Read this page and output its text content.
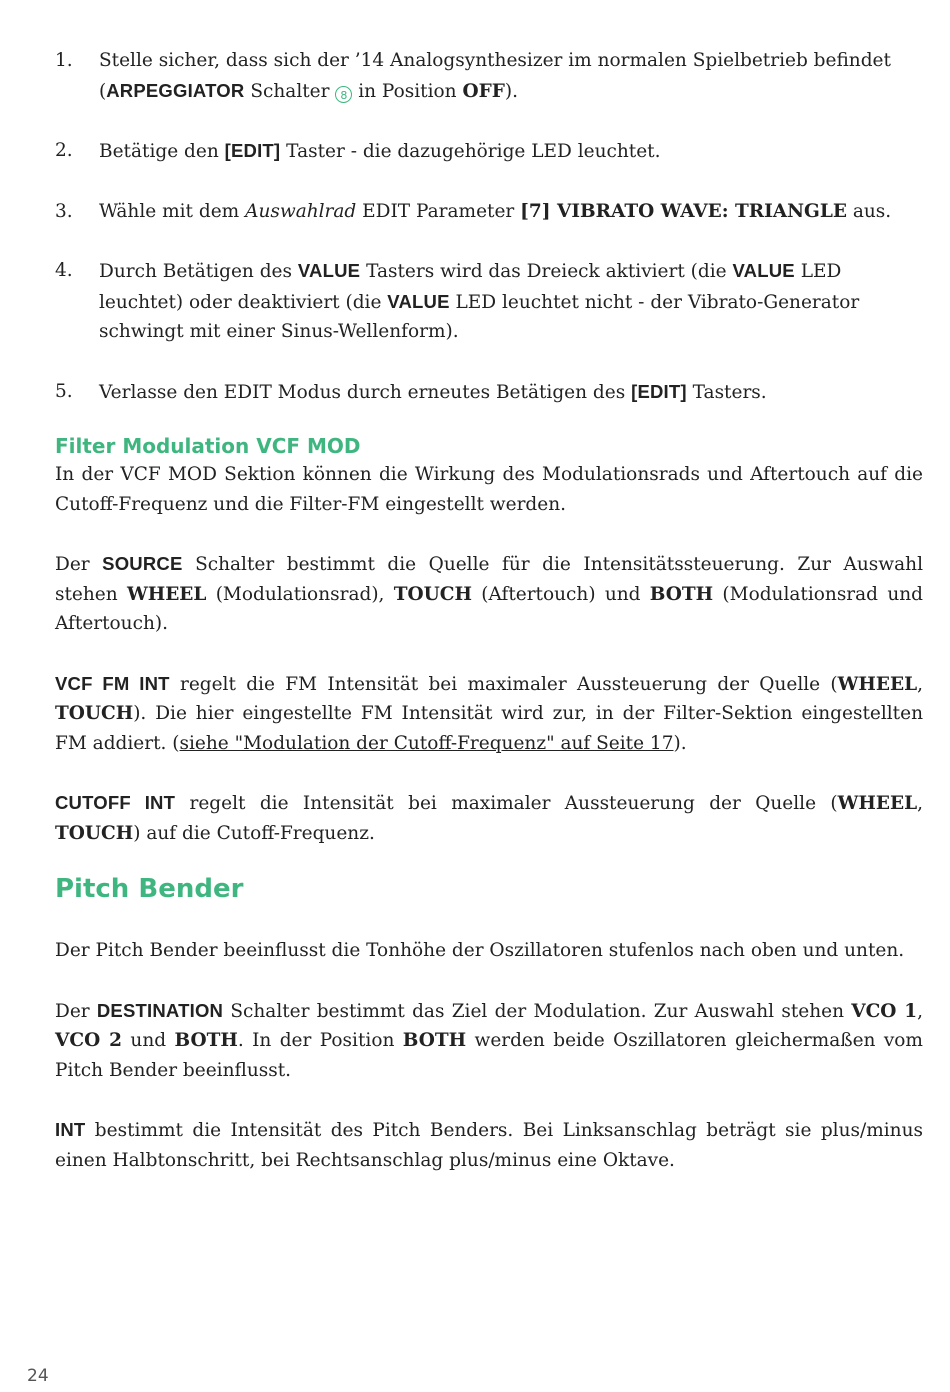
1. Stelle sicher, dass sich der ’14 Analogsynthesizer im normalen Spielbetrieb befindet (ARPEGGIATOR Schalter 8 in Position OFF).
2. Betätige den [EDIT] Taster - die dazugehörige LED leuchtet.
3. Wähle mit dem Auswahlrad EDIT Parameter [7] VIBRATO WAVE: TRIANGLE aus.
4. Durch Betätigen des VALUE Tasters wird das Dreieck aktiviert (die VALUE LED leuchtet) oder deaktiviert (die VALUE LED leuchtet nicht - der Vibrato-Generator schwingt mit einer Sinus-Wellenform).
5. Verlasse den EDIT Modus durch erneutes Betätigen des [EDIT] Tasters.
Filter Modulation VCF MOD

In der VCF MOD Sektion können die Wirkung des Modulationsrads und Aftertouch auf die Cutoff-Frequenz und die Filter-FM eingestellt werden.

Der SOURCE Schalter bestimmt die Quelle für die Intensitätssteuerung. Zur Auswahl stehen WHEEL (Modulationsrad), TOUCH (Aftertouch) und BOTH (Modulationsrad und Aftertouch).

VCF FM INT regelt die FM Intensität bei maximaler Aussteuerung der Quelle (WHEEL, TOUCH). Die hier eingestellte FM Intensität wird zur, in der Filter-Sektion eingestellten FM addiert. (siehe "Modulation der Cutoff-Frequenz" auf Seite 17).

CUTOFF INT regelt die Intensität bei maximaler Aussteuerung der Quelle (WHEEL, TOUCH) auf die Cutoff-Frequenz.

Pitch Bender

Der Pitch Bender beeinflusst die Tonhöhe der Oszillatoren stufenlos nach oben und unten.

Der DESTINATION Schalter bestimmt das Ziel der Modulation. Zur Auswahl stehen VCO 1, VCO 2 und BOTH. In der Position BOTH werden beide Oszillatoren gleichermaßen vom Pitch Bender beeinflusst.

INT bestimmt die Intensität des Pitch Benders. Bei Linksanschlag beträgt sie plus/minus einen Halbtonschritt, bei Rechtsanschlag plus/minus eine Oktave.

24
